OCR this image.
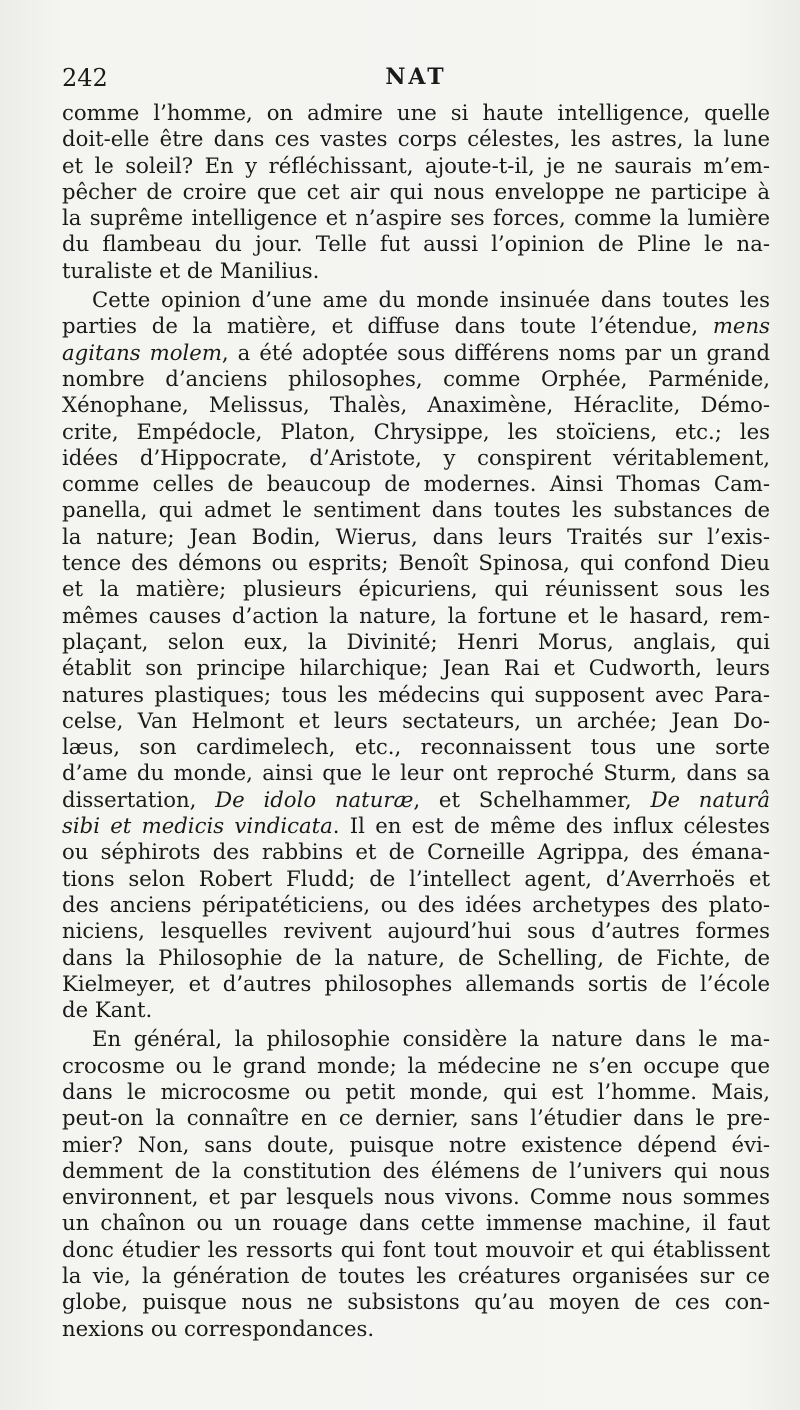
242	NAT
comme l’homme, on admire une si haute intelligence, quelle
doit-elle être dans ces vastes corps célestes, les astres, la lune
et le soleil? En y réfléchissant, ajoute-t-il, je ne saurais m’em-
pêcher de croire que cet air qui nous enveloppe ne participe à
la suprême intelligence et n’aspire ses forces, comme la lumière
du flambeau du jour. Telle fut aussi l’opinion de Pline le na-
turaliste et de Manilius.
Cette opinion d’une ame du monde insinuée dans toutes les
parties de la matière, et diffuse dans toute l’étendue, mens
agitans molem, a été adoptée sous différens noms par un grand
nombre d’anciens philosophes, comme Orphée, Parménide,
Xénophane, Melissus, Thalès, Anaximène, Héraclite, Démo-
crite, Empédocle, Platon, Chrysippe, les stoïciens, etc.; les
idées d’Hippocrate, d’Aristote, y conspirent véritablement,
comme celles de beaucoup de modernes. Ainsi Thomas Cam-
panella, qui admet le sentiment dans toutes les substances de
la nature; Jean Bodin, Wierus, dans leurs Traités sur l’exis-
tence des démons ou esprits; Benoît Spinosa, qui confond Dieu
et la matière; plusieurs épicuriens, qui réunissent sous les
mêmes causes d’action la nature, la fortune et le hasard, rem-
plaçant, selon eux, la Divinité; Henri Morus, anglais, qui
établit son principe hilarchique; Jean Rai et Cudworth, leurs
natures plastiques; tous les médecins qui supposent avec Para-
celse, Van Helmont et leurs sectateurs, un archée; Jean Do-
læus, son cardimelech, etc., reconnaissent tous une sorte
d’ame du monde, ainsi que le leur ont reproché Sturm, dans sa
dissertation, De idolo naturæ, et Schelhammer, De naturâ
sibi et medicis vindicata. Il en est de même des influx célestes
ou séphirots des rabbins et de Corneille Agrippa, des émana-
tions selon Robert Fludd; de l’intellect agent, d’Averrhoës et
des anciens péripatéticiens, ou des idées archetypes des plato-
niciens, lesquelles revivent aujourd’hui sous d’autres formes
dans la Philosophie de la nature, de Schelling, de Fichte, de
Kielmeyer, et d’autres philosophes allemands sortis de l’école
de Kant.
En général, la philosophie considère la nature dans le ma-
crocosme ou le grand monde; la médecine ne s’en occupe que
dans le microcosme ou petit monde, qui est l’homme. Mais,
peut-on la connaître en ce dernier, sans l’étudier dans le pre-
mier? Non, sans doute, puisque notre existence dépend évi-
demment de la constitution des élémens de l’univers qui nous
environnent, et par lesquels nous vivons. Comme nous sommes
un chaînon ou un rouage dans cette immense machine, il faut
donc étudier les ressorts qui font tout mouvoir et qui établissent
la vie, la génération de toutes les créatures organisées sur ce
globe, puisque nous ne subsistons qu’au moyen de ces con-
nexions ou correspondances.
